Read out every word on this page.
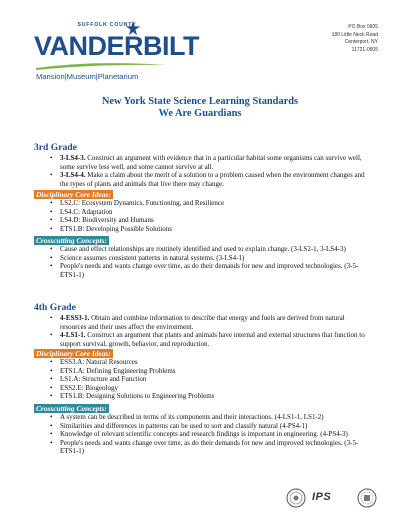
SUFFOLK COUNTY
VANDERBILT
Mansion|Museum|Planetarium
PO Box 0605
180 Little Neck Road
Centerport, NY
11721-0605
New York State Science Learning Standards
We Are Guardians
3rd Grade
• 3-LS4-3. Construct an argument with evidence that in a particular habitat some organisms can survive well, some survive less well, and some cannot survive at all.
• 3-LS4-4. Make a claim about the merit of a solution to a problem caused when the environment changes and the types of plants and animals that live there may change.
Disciplinary Core Ideas:
• LS2.C: Ecosystem Dynamics, Functioning, and Resilience
• LS4.C: Adaptation
• LS4.D: Biodiversity and Humans
• ETS1.B: Developing Possible Solutions
Crosscutting Concepts:
• Cause and effect relationships are routinely identified and used to explain change. (3-LS2-1, 3-LS4-3)
• Science assumes consistent patterns in natural systems. (3-LS4-1)
• People's needs and wants change over time, as do their demands for new and improved technologies. (3-5-ETS1-1)
4th Grade
• 4-ESS3-1. Obtain and combine information to describe that energy and fuels are derived from natural resources and their uses affect the environment.
• 4-LS1-1. Construct an argument that plants and animals have internal and external structures that function to support survival, growth, behavior, and reproduction.
Disciplinary Core Ideas:
• ESS3.A: Natural Resources
• ETS1.A: Defining Engineering Problems
• LS1.A: Structure and Function
• ESS2.E: Biogeology
• ETS1.B: Designing Solutions to Engineering Problems
Crosscutting Concepts:
• A system can be described in terms of its components and their interactions. (4-LS1-1, LS1-2)
• Similarities and differences in patterns can be used to sort and classify natural (4-PS4-1)
• Knowledge of relevant scientific concepts and research findings is important in engineering. (4-PS4-3)
• People's needs and wants change over time, as do their demands for new and improved technologies. (3-5-ETS1-1)
IPS
